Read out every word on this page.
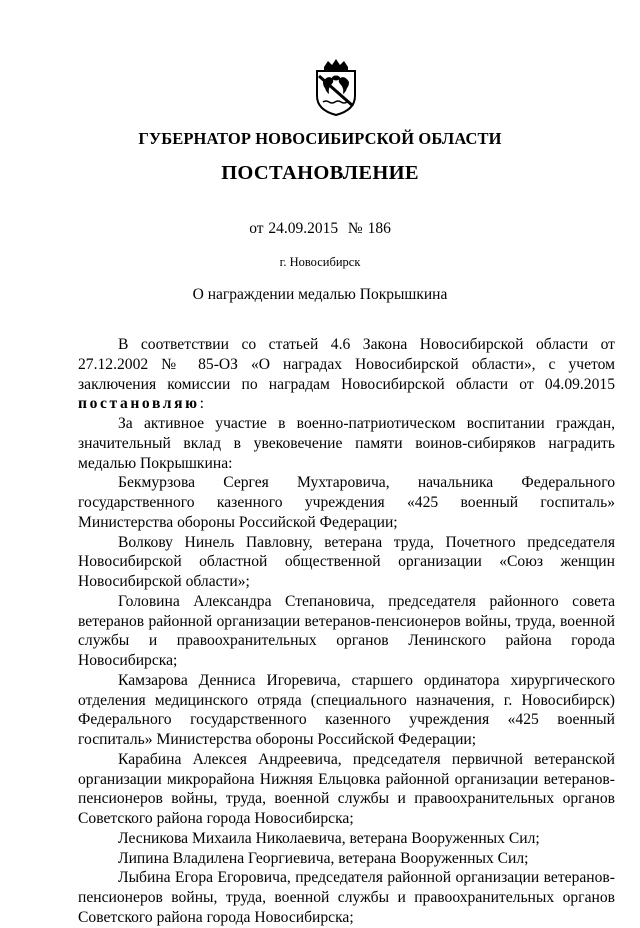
ГУБЕРНАТОР НОВОСИБИРСКОЙ ОБЛАСТИ
ПОСТАНОВЛЕНИЕ
от 24.09.2015 № 186
г. Новосибирск
О награждении медалью Покрышкина

В соответствии со статьей 4.6 Закона Новосибирской области от 27.12.2002 № 85-ОЗ «О наградах Новосибирской области», с учетом заключения комиссии по наградам Новосибирской области от 04.09.2015 постановляю:

За активное участие в военно-патриотическом воспитании граждан, значительный вклад в увековечение памяти воинов-сибиряков наградить медалью Покрышкина:

Бекмурзова Сергея Мухтаровича, начальника Федерального государственного казенного учреждения «425 военный госпиталь» Министерства обороны Российской Федерации;

Волкову Нинель Павловну, ветерана труда, Почетного председателя Новосибирской областной общественной организации «Союз женщин Новосибирской области»;

Головина Александра Степановича, председателя районного совета ветеранов районной организации ветеранов-пенсионеров войны, труда, военной службы и правоохранительных органов Ленинского района города Новосибирска;

Камзарова Денниса Игоревича, старшего ординатора хирургического отделения медицинского отряда (специального назначения, г. Новосибирск) Федерального государственного казенного учреждения «425 военный госпиталь» Министерства обороны Российской Федерации;

Карабина Алексея Андреевича, председателя первичной ветеранской организации микрорайона Нижняя Ельцовка районной организации ветеранов-пенсионеров войны, труда, военной службы и правоохранительных органов Советского района города Новосибирска;

Лесникова Михаила Николаевича, ветерана Вооруженных Сил;

Липина Владилена Георгиевича, ветерана Вооруженных Сил;

Лыбина Егора Егоровича, председателя районной организации ветеранов-пенсионеров войны, труда, военной службы и правоохранительных органов Советского района города Новосибирска;
